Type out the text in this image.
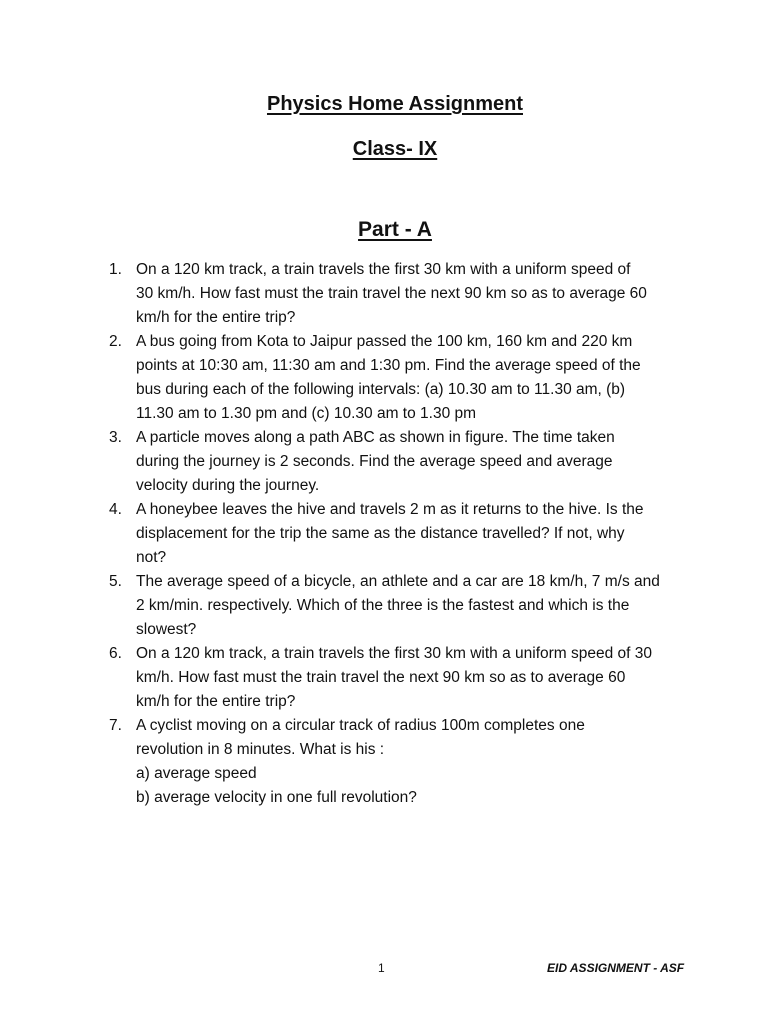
Physics Home Assignment
Class- IX
Part - A
1. On a 120 km track, a train travels the first 30 km with a uniform speed of
30 km/h. How fast must the train travel the next 90 km so as to average 60
km/h for the entire trip?
2. A bus going from Kota to Jaipur passed the 100 km, 160 km and 220 km
points at 10:30 am, 11:30 am and 1:30 pm. Find the average speed of the
bus during each of the following intervals: (a) 10.30 am to 11.30 am, (b)
11.30 am to 1.30 pm and (c) 10.30 am to 1.30 pm
3. A particle moves along a path ABC as shown in figure. The time taken
during the journey is 2 seconds. Find the average speed and average
velocity during the journey.
4. A honeybee leaves the hive and travels 2 m as it returns to the hive. Is the
displacement for the trip the same as the distance travelled? If not, why
not?
5. The average speed of a bicycle, an athlete and a car are 18 km/h, 7 m/s and
2 km/min. respectively. Which of the three is the fastest and which is the
slowest?
6. On a 120 km track, a train travels the first 30 km with a uniform speed of 30
km/h. How fast must the train travel the next 90 km so as to average 60
km/h for the entire trip?
7. A cyclist moving on a circular track of radius 100m completes one
revolution in 8 minutes. What is his :
a) average speed
b) average velocity in one full revolution?
1	EID ASSIGNMENT - ASF
